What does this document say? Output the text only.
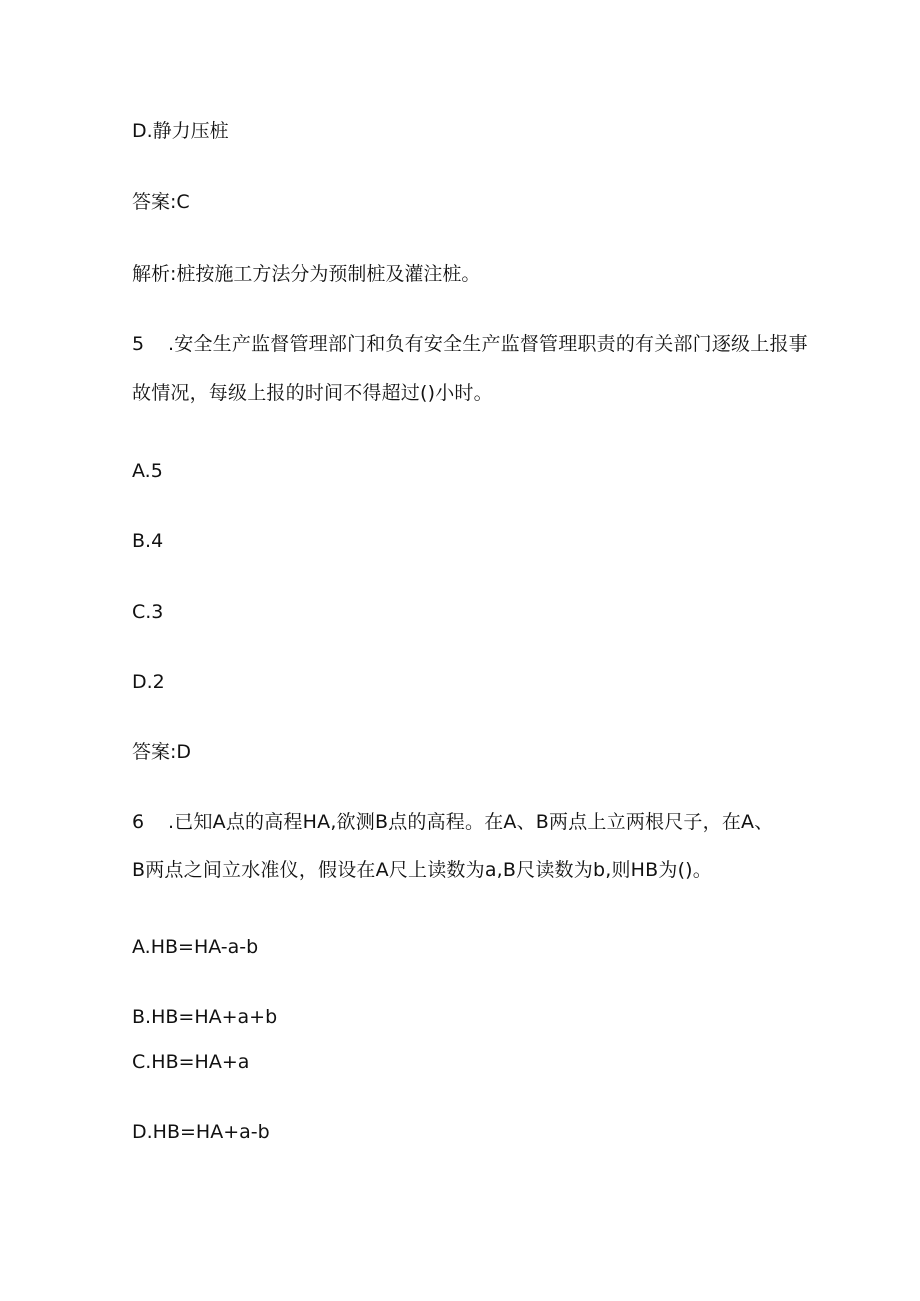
D.静力压桩
答案:C
解析:桩按施工方法分为预制桩及灌注桩。
5 .安全生产监督管理部门和负有安全生产监督管理职责的有关部门逐级上报事
故情况，每级上报的时间不得超过()小时。
A.5
B.4
C.3
D.2
答案:D
6 .已知A点的高程HA,欲测B点的高程。在A、B两点上立两根尺子，在A、
B两点之间立水准仪，假设在A尺上读数为a,B尺读数为b,则HB为()。
A.HB=HA-a-b
B.HB=HA+a+b
C.HB=HA+a
D.HB=HA+a-b
